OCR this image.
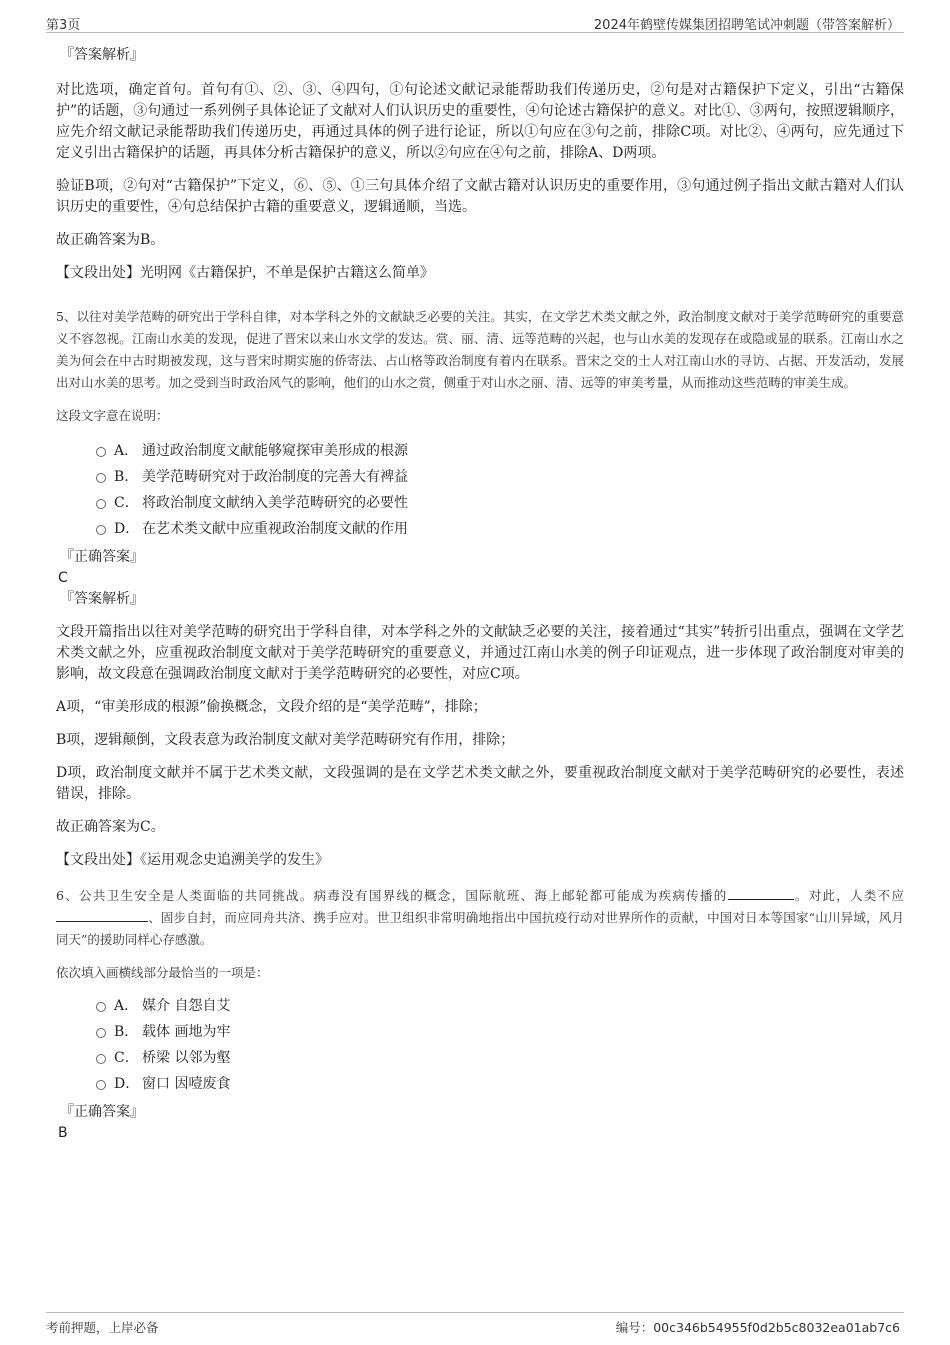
第3页	2024年鹤壁传媒集团招聘笔试冲刺题（带答案解析）
『答案解析』

对比选项，确定首句。首句有①、②、③、④四句，①句论述文献记录能帮助我们传递历史，②句是对古籍保护下定义，引出“古籍保护”的话题，③句通过一系列例子具体论证了文献对人们认识历史的重要性，④句论述古籍保护的意义。对比①、③两句，按照逻辑顺序，应先介绍文献记录能帮助我们传递历史，再通过具体的例子进行论证，所以①句应在③句之前，排除C项。对比②、④两句，应先通过下定义引出古籍保护的话题，再具体分析古籍保护的意义，所以②句应在④句之前，排除A、D两项。

验证B项，②句对“古籍保护”下定义，⑥、⑤、①三句具体介绍了文献古籍对认识历史的重要作用，③句通过例子指出文献古籍对人们认识历史的重要性，④句总结保护古籍的重要意义，逻辑通顺，当选。

故正确答案为B。

【文段出处】光明网《古籍保护，不单是保护古籍这么简单》

5、以往对美学范畴的研究出于学科自律，对本学科之外的文献缺乏必要的关注。其实，在文学艺术类文献之外，政治制度文献对于美学范畴研究的重要意义不容忽视。江南山水美的发现，促进了晋宋以来山水文学的发达。赏、丽、清、远等范畴的兴起，也与山水美的发现存在或隐或显的联系。江南山水之美为何会在中古时期被发现，这与晋宋时期实施的侨寄法、占山格等政治制度有着内在联系。晋宋之交的士人对江南山水的寻访、占据、开发活动，发展出对山水美的思考。加之受到当时政治风气的影响，他们的山水之赏，侧重于对山水之丽、清、远等的审美考量，从而推动这些范畴的审美生成。

这段文字意在说明：
A． 通过政治制度文献能够窥探审美形成的根源
B． 美学范畴研究对于政治制度的完善大有裨益
C． 将政治制度文献纳入美学范畴研究的必要性
D． 在艺术类文献中应重视政治制度文献的作用
『正确答案』
C
『答案解析』

文段开篇指出以往对美学范畴的研究出于学科自律，对本学科之外的文献缺乏必要的关注，接着通过“其实”转折引出重点，强调在文学艺术类文献之外，应重视政治制度文献对于美学范畴研究的重要意义，并通过江南山水美的例子印证观点，进一步体现了政治制度对审美的影响，故文段意在强调政治制度文献对于美学范畴研究的必要性，对应C项。

A项，“审美形成的根源”偷换概念，文段介绍的是“美学范畴”，排除；

B项，逻辑颠倒，文段表意为政治制度文献对美学范畴研究有作用，排除；

D项，政治制度文献并不属于艺术类文献，文段强调的是在文学艺术类文献之外，要重视政治制度文献对于美学范畴研究的必要性，表述错误，排除。

故正确答案为C。

【文段出处】《运用观念史追溯美学的发生》

6、公共卫生安全是人类面临的共同挑战。病毒没有国界线的概念，国际航班、海上邮轮都可能成为疾病传播的	。对此，人类不应、固步自封，而应同舟共济、携手应对。世卫组织非常明确地指出中国抗疫行动对世界所作的贡献，中国对日本等国家“山川异域，风月同天”的援助同样心存感激。

依次填入画横线部分最恰当的一项是：
A． 媒介 自怨自艾
B． 载体 画地为牢
C． 桥梁 以邻为壑
D． 窗口 因噎废食
『正确答案』
B
考前押题，上岸必备	编号：00c346b54955f0d2b5c8032ea01ab7c6
